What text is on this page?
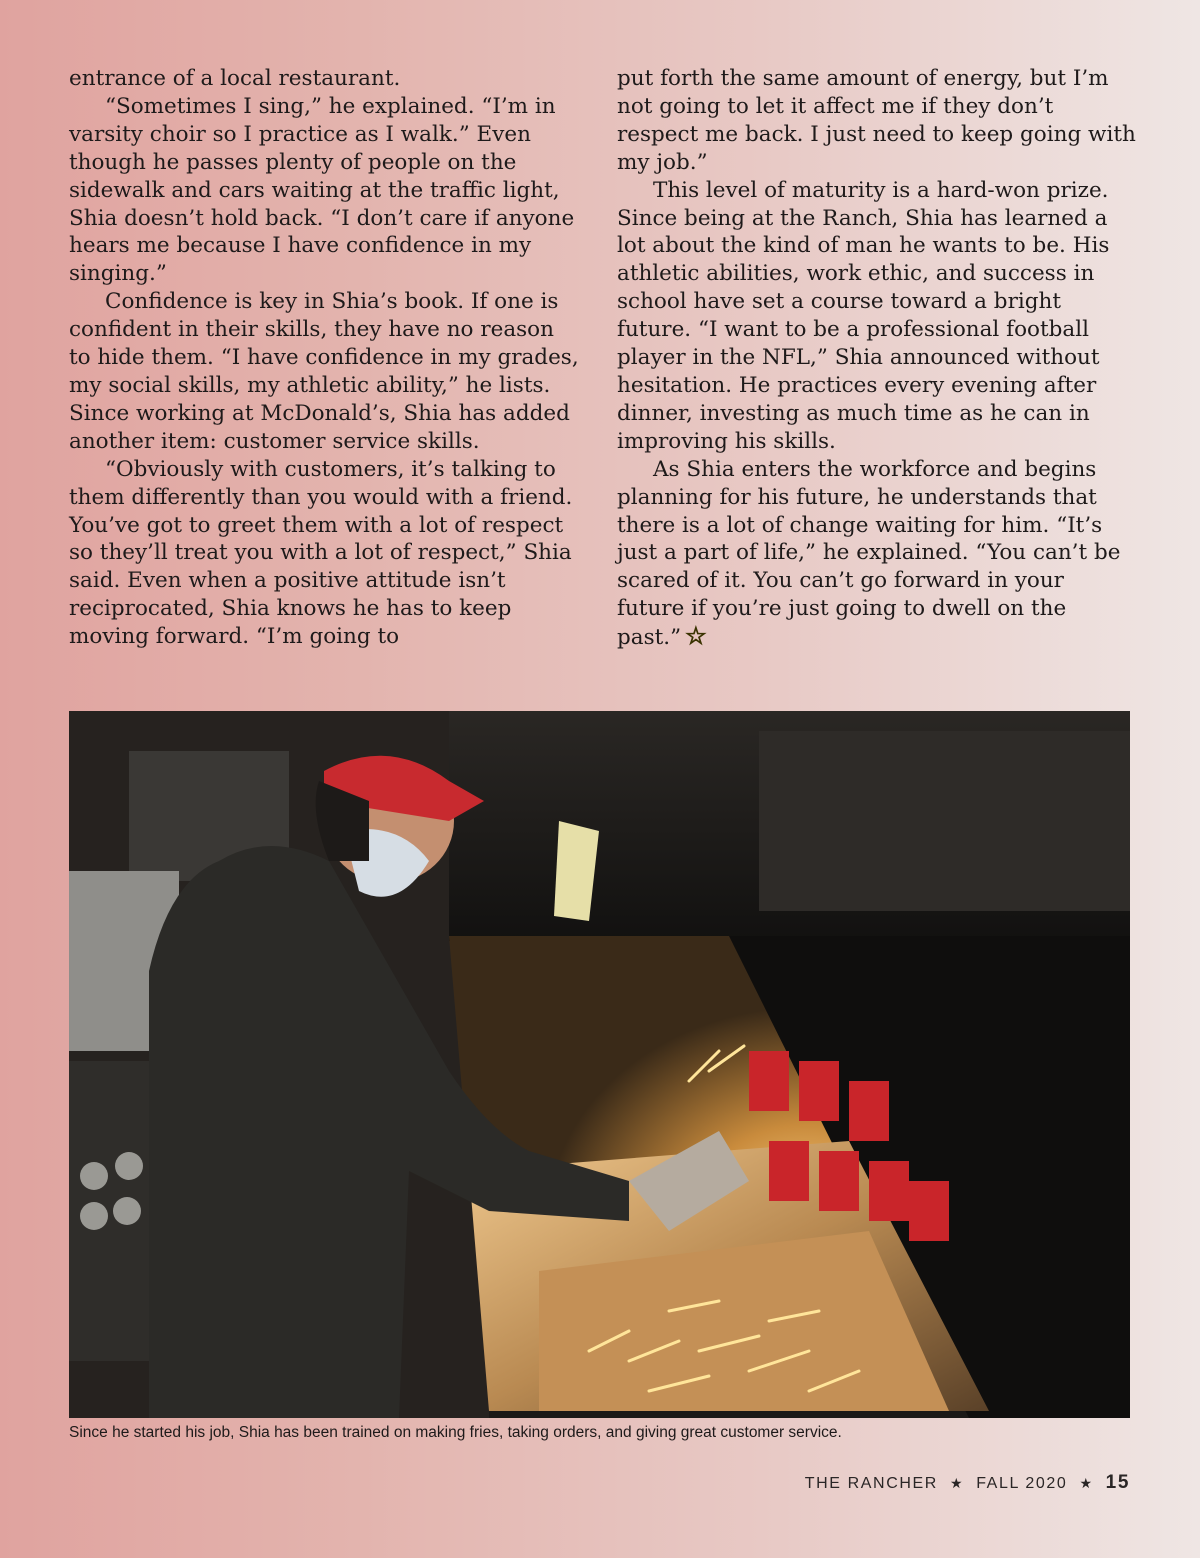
entrance of a local restaurant.

“Sometimes I sing,” he explained. “I’m in varsity choir so I practice as I walk.” Even though he passes plenty of people on the sidewalk and cars waiting at the traffic light, Shia doesn’t hold back. “I don’t care if anyone hears me because I have confidence in my singing.”

Confidence is key in Shia’s book. If one is confident in their skills, they have no reason to hide them. “I have confidence in my grades, my social skills, my athletic ability,” he lists. Since working at McDonald’s, Shia has added another item: customer service skills.

“Obviously with customers, it’s talking to them differently than you would with a friend. You’ve got to greet them with a lot of respect so they’ll treat you with a lot of respect,” Shia said. Even when a positive attitude isn’t reciprocated, Shia knows he has to keep moving forward. “I’m going to

put forth the same amount of energy, but I’m not going to let it affect me if they don’t respect me back. I just need to keep going with my job.”

This level of maturity is a hard-won prize. Since being at the Ranch, Shia has learned a lot about the kind of man he wants to be. His athletic abilities, work ethic, and success in school have set a course toward a bright future. “I want to be a professional football player in the NFL,” Shia announced without hesitation. He practices every evening after dinner, investing as much time as he can in improving his skills.

As Shia enters the workforce and begins planning for his future, he understands that there is a lot of change waiting for him. “It’s just a part of life,” he explained. “You can’t be scared of it. You can’t go forward in your future if you’re just going to dwell on the past.” ☆

Since he started his job, Shia has been trained on making fries, taking orders, and giving great customer service.
THE RANCHER ★ FALL 2020 ★ 15
